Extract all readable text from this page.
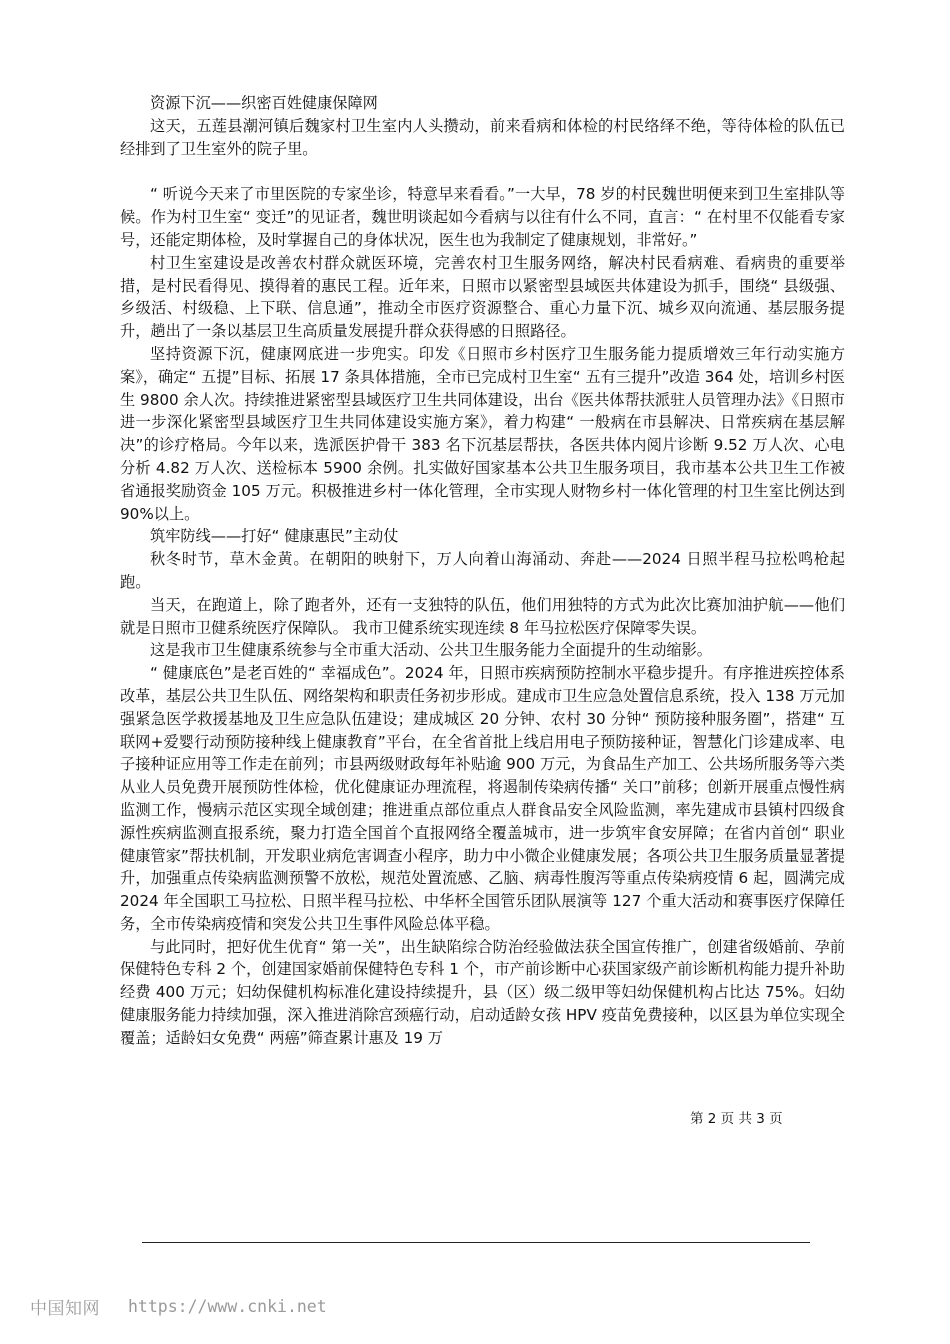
资源下沉——织密百姓健康保障网

这天，五莲县潮河镇后魏家村卫生室内人头攒动，前来看病和体检的村民络绎不绝，等待体检的队伍已经排到了卫生室外的院子里。

“ 听说今天来了市里医院的专家坐诊，特意早来看看。”一大早，78 岁的村民魏世明便来到卫生室排队等候。作为村卫生室“ 变迁”的见证者，魏世明谈起如今看病与以往有什么不同，直言：“ 在村里不仅能看专家号，还能定期体检，及时掌握自己的身体状况，医生也为我制定了健康规划，非常好。”

村卫生室建设是改善农村群众就医环境，完善农村卫生服务网络，解决村民看病难、看病贵的重要举措，是村民看得见、摸得着的惠民工程。近年来，日照市以紧密型县域医共体建设为抓手，围绕“ 县级强、乡级活、村级稳、上下联、信息通”，推动全市医疗资源整合、重心力量下沉、城乡双向流通、基层服务提升，趟出了一条以基层卫生高质量发展提升群众获得感的日照路径。

坚持资源下沉，健康网底进一步兜实。印发《日照市乡村医疗卫生服务能力提质增效三年行动实施方案》，确定“ 五提”目标、拓展 17 条具体措施，全市已完成村卫生室“ 五有三提升”改造 364 处，培训乡村医生 9800 余人次。持续推进紧密型县域医疗卫生共同体建设，出台《医共体帮扶派驻人员管理办法》《日照市进一步深化紧密型县域医疗卫生共同体建设实施方案》，着力构建“ 一般病在市县解决、日常疾病在基层解决”的诊疗格局。今年以来，选派医护骨干 383 名下沉基层帮扶，各医共体内阅片诊断 9.52 万人次、心电分析 4.82 万人次、送检标本 5900 余例。扎实做好国家基本公共卫生服务项目，我市基本公共卫生工作被省通报奖励资金 105 万元。积极推进乡村一体化管理，全市实现人财物乡村一体化管理的村卫生室比例达到 90%以上。

筑牢防线——打好“ 健康惠民”主动仗

秋冬时节，草木金黄。在朝阳的映射下，万人向着山海涌动、奔赴——2024 日照半程马拉松鸣枪起跑。

当天，在跑道上，除了跑者外，还有一支独特的队伍，他们用独特的方式为此次比赛加油护航——他们就是日照市卫健系统医疗保障队。 我市卫健系统实现连续 8 年马拉松医疗保障零失误。

这是我市卫生健康系统参与全市重大活动、公共卫生服务能力全面提升的生动缩影。

“ 健康底色”是老百姓的“ 幸福成色”。2024 年，日照市疾病预防控制水平稳步提升。有序推进疾控体系改革，基层公共卫生队伍、网络架构和职责任务初步形成。建成市卫生应急处置信息系统，投入 138 万元加强紧急医学救援基地及卫生应急队伍建设；建成城区 20 分钟、农村 30 分钟“ 预防接种服务圈”，搭建“ 互联网+爱婴行动预防接种线上健康教育”平台，在全省首批上线启用电子预防接种证，智慧化门诊建成率、电子接种证应用等工作走在前列；市县两级财政每年补贴逾 900 万元，为食品生产加工、公共场所服务等六类从业人员免费开展预防性体检，优化健康证办理流程，将遏制传染病传播“ 关口”前移；创新开展重点慢性病监测工作，慢病示范区实现全域创建；推进重点部位重点人群食品安全风险监测，率先建成市县镇村四级食源性疾病监测直报系统，聚力打造全国首个直报网络全覆盖城市，进一步筑牢食安屏障；在省内首创“ 职业健康管家”帮扶机制，开发职业病危害调查小程序，助力中小微企业健康发展；各项公共卫生服务质量显著提升，加强重点传染病监测预警不放松，规范处置流感、乙脑、病毒性腹泻等重点传染病疫情 6 起，圆满完成 2024 年全国职工马拉松、日照半程马拉松、中华杯全国管乐团队展演等 127 个重大活动和赛事医疗保障任务，全市传染病疫情和突发公共卫生事件风险总体平稳。

与此同时，把好优生优育“ 第一关”，出生缺陷综合防治经验做法获全国宣传推广，创建省级婚前、孕前保健特色专科 2 个，创建国家婚前保健特色专科 1 个，市产前诊断中心获国家级产前诊断机构能力提升补助经费 400 万元；妇幼保健机构标准化建设持续提升，县（区）级二级甲等妇幼保健机构占比达 75%。妇幼健康服务能力持续加强，深入推进消除宫颈癌行动，启动适龄女孩 HPV 疫苗免费接种，以区县为单位实现全覆盖；适龄妇女免费“ 两癌”筛查累计惠及 19 万

第 2 页 共 3 页
中国知网 https://www.cnki.net
